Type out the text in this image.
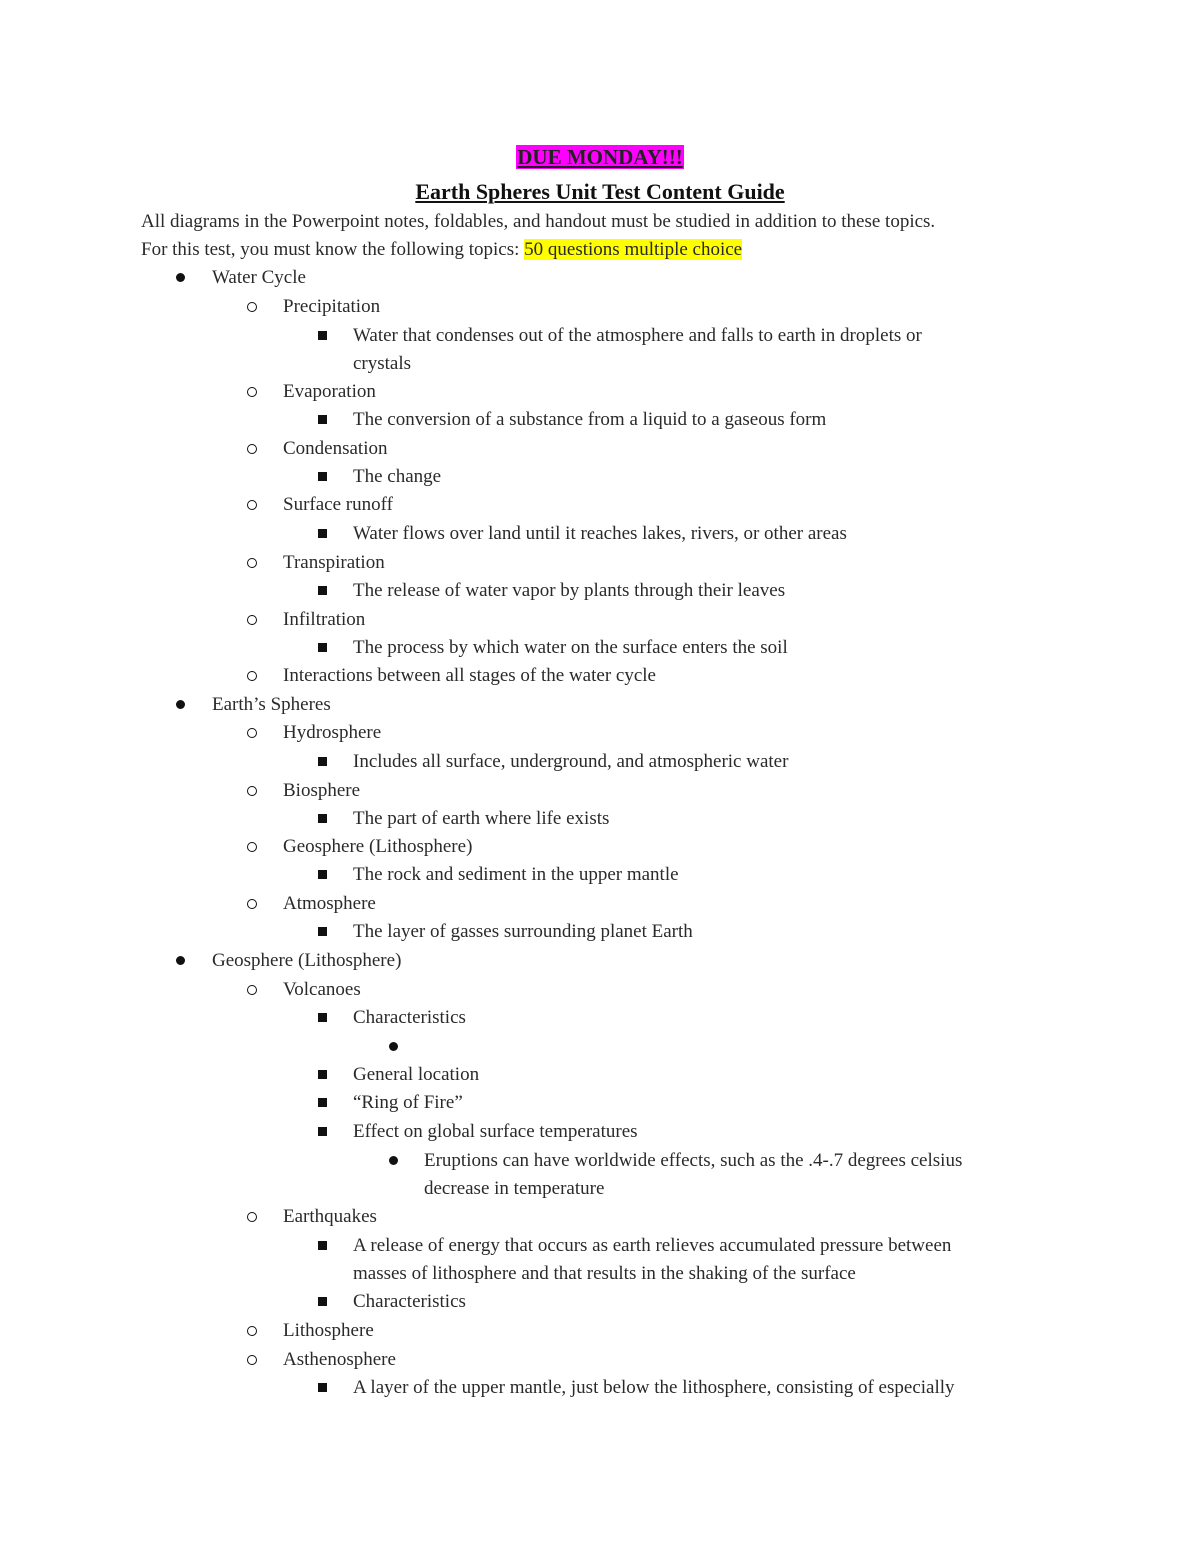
DUE MONDAY!!!
Earth Spheres Unit Test Content Guide
All diagrams in the Powerpoint notes, foldables, and handout must be studied in addition to these topics.
For this test, you must know the following topics: 50 questions multiple choice
Water Cycle
Precipitation
Water that condenses out of the atmosphere and falls to earth in droplets or
crystals
Evaporation
The conversion of a substance from a liquid to a gaseous form
Condensation
The change
Surface runoff
Water flows over land until it reaches lakes, rivers, or other areas
Transpiration
The release of water vapor by plants through their leaves
Infiltration
The process by which water on the surface enters the soil
Interactions between all stages of the water cycle
Earth’s Spheres
Hydrosphere
Includes all surface, underground, and atmospheric water
Biosphere
The part of earth where life exists
Geosphere (Lithosphere)
The rock and sediment in the upper mantle
Atmosphere
The layer of gasses surrounding planet Earth
Geosphere (Lithosphere)
Volcanoes
Characteristics
General location
“Ring of Fire”
Effect on global surface temperatures
Eruptions can have worldwide effects, such as the .4-.7 degrees celsius
decrease in temperature
Earthquakes
A release of energy that occurs as earth relieves accumulated pressure between
masses of lithosphere and that results in the shaking of the surface
Characteristics
Lithosphere
Asthenosphere
A layer of the upper mantle, just below the lithosphere, consisting of especially
